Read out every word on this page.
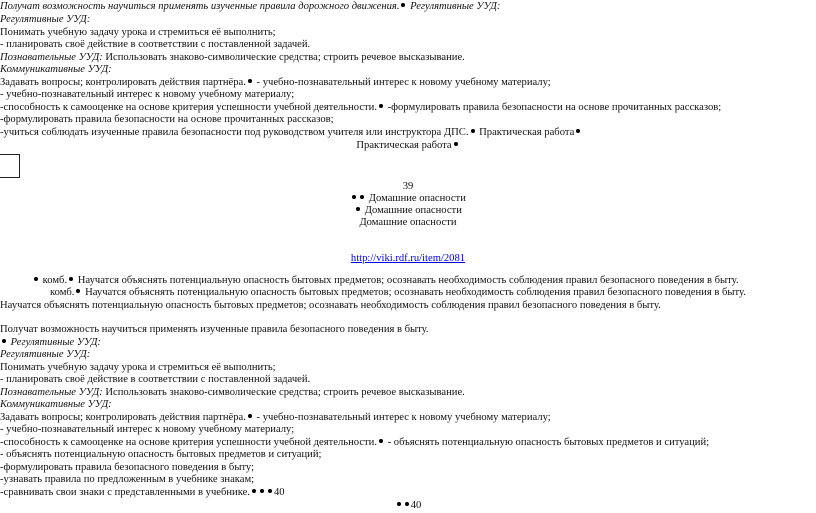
Получат возможность научиться применять изученные правила дорожного движения. Регулятивные УУД:
Регулятивные УУД:
Понимать учебную задачу урока и стремиться её выполнить;
- планировать своё действие в соответствии с поставленной задачей.
Познавательные УУД: Использовать знаково-символические средства; строить речевое высказывание.
Коммуникативные УУД:
Задавать вопросы; контролировать действия партнёра. - учебно-познавательный интерес к новому учебному материалу;
- учебно-познавательный интерес к новому учебному материалу;
-способность к самооценке на основе критерия успешности учебной деятельности. -формулировать правила безопасности на основе прочитанных рассказов;
-формулировать правила безопасности на основе прочитанных рассказов;
-учиться соблюдать изученные правила безопасности под руководством учителя или инструктора ДПС. Практическая работа
Практическая работа
39
Домашние опасности
Домашние опасности
Домашние опасности
http://viki.rdf.ru/item/2081
комб. Научатся объяснять потенциальную опасность бытовых предметов; осознавать необходимость соблюдения правил безопасного поведения в быту.
комб. Научатся объяснять потенциальную опасность бытовых предметов; осознавать необходимость соблюдения правил безопасного поведения в быту.
Научатся объяснять потенциальную опасность бытовых предметов; осознавать необходимость соблюдения правил безопасного поведения в быту.
Получат возможность научиться применять изученные правила безопасного поведения в быту.
Регулятивные УУД:
Регулятивные УУД:
Понимать учебную задачу урока и стремиться её выполнить;
- планировать своё действие в соответствии с поставленной задачей.
Познавательные УУД: Использовать знаково-символические средства; строить речевое высказывание.
Коммуникативные УУД:
Задавать вопросы; контролировать действия партнёра. - учебно-познавательный интерес к новому учебному материалу;
- учебно-познавательный интерес к новому учебному материалу;
-способность к самооценке на основе критерия успешности учебной деятельности. - объяснять потенциальную опасность бытовых предметов и ситуаций;
- объяснять потенциальную опасность бытовых предметов и ситуаций;
-формулировать правила безопасного поведения в быту;
-узнавать правила по предложенным в учебнике знакам;
-сравнивать свои знаки с представленными в учебнике. 40
40
